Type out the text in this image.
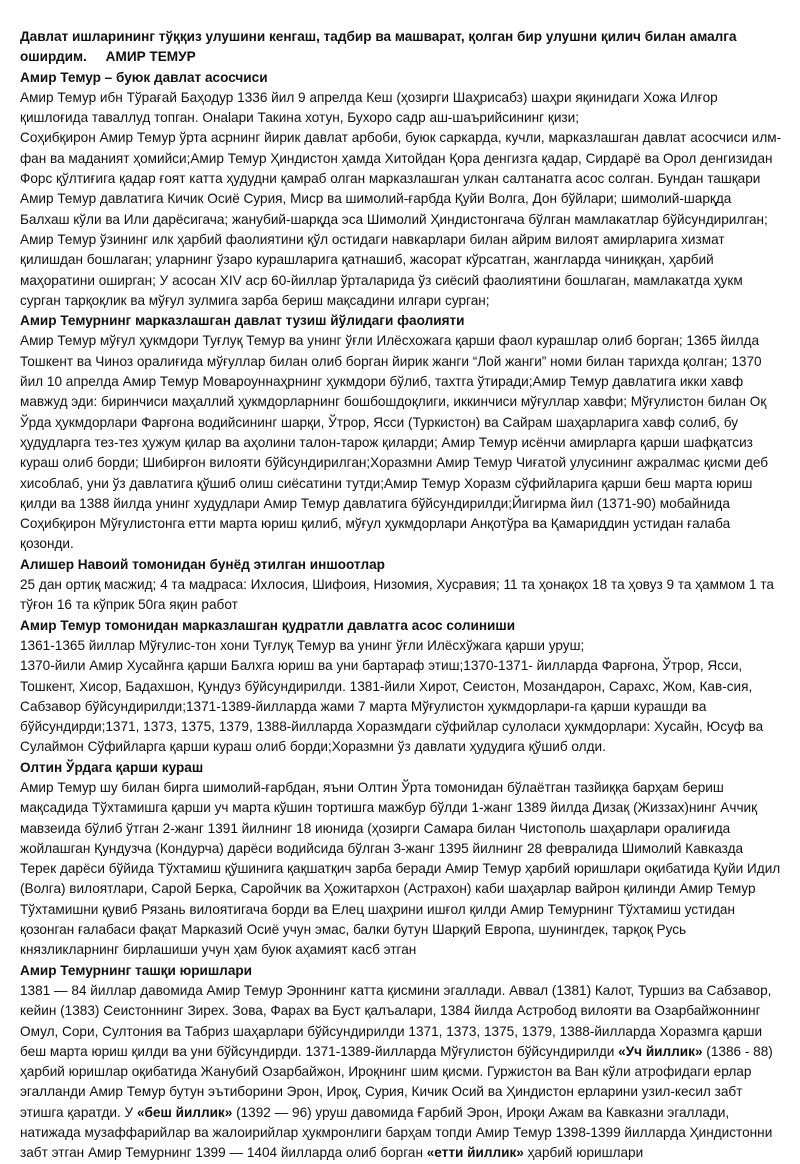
Давлат ишларининг тўққиз улушини кенгаш, тадбир ва машварат, қолган бир улушни қилич билан амалга оширдим. АМИР ТЕМУР

Амир Темур – буюк давлат асосчиси

Амир Темур ибн Тўрағай Баҳодур 1336 йил 9 апрелда Кеш (ҳозирги Шаҳрисабз) шаҳри яқинидаги Хожа Илғор қишлоғида таваллуд топган. Онаlари Такина хотун, Бухоро садр аш-шаърийсининг қизи;

Соҳибқирон Амир Темур ўрта асрнинг йирик давлат арбоби, буюк саркарда, кучли, марказлашган давлат асосчиси илм-фан ва маданият ҳомийси;Амир Темур Ҳиндистон ҳамда Хитойдан Қора денгизга қадар, Сирдарё ва Орол денгизидан Форс қўлтиғига қадар ғоят катта ҳудудни қамраб олган марказлашган улкан салтанатга асос солган. Бундан ташқари Амир Темур давлатига Кичик Осиё Сурия, Миср ва шимолий-ғарбда Қуйи Волга, Дон бўйлари; шимолий-шарқда Балхаш кўли ва Или дарёсигача; жанубий-шарқда эса Шимолий Ҳиндистонгача бўлган мамлакатлар бўйсундирилган; Амир Темур ўзининг илк ҳарбий фаолиятини қўл остидаги навкарлари билан айрим вилоят амирларига хизмат қилишдан бошлаган; уларнинг ўзаро курашларига қатнашиб, жасорат кўрсатган, жангларда чиниққан, ҳарбий маҳоратини оширган; У асосан XIV аср 60-йиллар ўрталарида ўз сиёсий фаолиятини бошлаган, мамлакатда ҳукм сурган тарқоқлик ва мўғул зулмига зарба бериш мақсадини илгари сурган;

Амир Темурнинг марказлашган давлат тузиш йўлидаги фаолияти

Амир Темур мўғул ҳукмдори Туғлуқ Темур ва унинг ўғли Илёсхожага қарши фаол курашлар олиб борган; 1365 йилда Тошкент ва Чиноз оралиғида мўғуллар билан олиб борган йирик жанги “Лой жанги” номи билан тарихда қолган; 1370 йил 10 апрелда Амир Темур Мовароуннаҳрнинг ҳукмдори бўлиб, тахтга ўтиради;Амир Темур давлатига икки хавф мавжуд эди: биринчиси маҳаллий ҳукмдорларнинг бошбошдоқлиги, иккинчиси мўғуллар хавфи; Мўғулистон билан Оқ Ўрда ҳукмдорлари Фарғона водийсининг шарқи, Ўтрор, Ясси (Туркистон) ва Сайрам шаҳарларига хавф солиб, бу ҳудудларга тез-тез ҳужум қилар ва аҳолини талон-тарож қиларди; Амир Темур исёнчи амирларга қарши шафқатсиз кураш олиб борди; Шибирғон вилояти бўйсундирилган;Хоразмни Амир Темур Чиғатой улусининг ажралмас қисми деб хисоблаб, уни ўз давлатига қўшиб олиш сиёсатини тутди;Амир Темур Хоразм сўфийларига қарши беш марта юриш қилди ва 1388 йилда унинг худудлари Амир Темур давлатига бўйсундирилди;Йигирма йил (1371-90) мобайнида Соҳибқирон Мўғулистонга етти марта юриш қилиб, мўғул ҳукмдорлари Анқотўра ва Қамариддин устидан ғалаба қозонди.

Алишер Навоий томонидан бунёд этилган иншоотлар

25 дан ортиқ масжид; 4 та мадраса: Ихлосия, Шифоия, Низомия, Хусравия; 11 та ҳонақох 18 та ҳовуз 9 та ҳаммом 1 та тўғон 16 та кўприк 50га яқин работ

Амир Темур томонидан марказлашган қудратли давлатга асос солиниши

1361-1365 йиллар Мўғулис-тон хони Туғлуқ Темур ва унинг ўғли Илёсхўжага қарши уруш;

1370-йили Амир Хусайнга қарши Балхга юриш ва уни бартараф этиш;1370-1371- йилларда Фарғона, Ўтрор, Ясси, Тошкент, Хисор, Бадахшон, Қундуз бўйсундирилди. 1381-йили Хирот, Сеистон, Мозандарон, Сарахс, Жом, Кав-сия, Сабзавор бўйсундирилди;1371-1389-йилларда жами 7 марта Мўғулистон ҳукмдорлари-га қарши курашди ва бўйсундирди;1371, 1373, 1375, 1379, 1388-йилларда Хоразмдаги сўфийлар сулоласи ҳукмдорлари: Хусайн, Юсуф ва Сулаймон Сўфийларга қарши кураш олиб борди;Хоразмни ўз давлати ҳудудига қўшиб олди.

Олтин Ўрдага қарши кураш

Амир Темур шу билан бирга шимолий-ғарбдан, яъни Олтин Ўрта томонидан бўлаётган тазйиққа барҳам бериш мақсадида Тўхтамишга қарши уч марта кўшин тортишга мажбур бўлди 1-жанг 1389 йилда Дизақ (Жиззах)нинг Аччиқ мавзеида бўлиб ўтган 2-жанг 1391 йилнинг 18 июнида (ҳозирги Самара билан Чистополь шаҳарлари оралиғида жойлашган Қундузча (Кондурча) дарёси водийсида бўлган 3-жанг 1395 йилнинг 28 февралида Шимолий Кавказда Терек дарёси бўйида Тўхтамиш қўшинига қақшатқич зарба беради Амир Темур ҳарбий юришлари оқибатида Қуйи Идил (Волга) вилоятлари, Сарой Берка, Саройчик ва Ҳожитархон (Астрахон) каби шаҳарлар вайрон қилинди Амир Темур Тўхтамишни қувиб Рязань вилоятигача борди ва Елец шаҳрини ишғол қилди Амир Темурнинг Тўхтамиш устидан қозонган ғалабаси фақат Марказий Осиё учун эмас, балки бутун Шарқий Европа, шунингдек, тарқоқ Русь князликларнинг бирлашиши учун ҳам буюк аҳамият касб этган

Амир Темурнинг ташқи юришлари

1381 — 84 йиллар давомида Амир Темур Эроннинг катта қисмини эгаллади. Аввал (1381) Калот, Туршиз ва Сабзавор, кейин (1383) Сеистоннинг Зирех. Зова, Фарах ва Буст қалъалари, 1384 йилда Астробод вилояти ва Озарбайжоннинг Омул, Сори, Султония ва Табриз шаҳарлари бўйсундирилди 1371, 1373, 1375, 1379, 1388-йилларда Хоразмга қарши беш марта юриш қилди ва уни бўйсундирди. 1371-1389-йилларда Мўғулистон бўйсундирилди «Уч йиллик» (1386 - 88) ҳарбий юришлар оқибатида Жанубий Озарбайжон, Ироқнинг шим қисми. Гуржистон ва Ван кўли атрофидаги ерлар эгалланди Амир Темур бутун эътиборини Эрон, Ироқ, Сурия, Кичик Осий ва Ҳиндистон ерларини узил-кесил забт этишга қаратди. У «беш йиллик» (1392 — 96) уруш давомида Ғарбий Эрон, Ироқи Ажам ва Кавказни эгаллади, натижада музаффарийлар ва жалоирийлар ҳукмронлиги барҳам топди Амир Темур 1398-1399 йилларда Ҳиндистонни забт этган Амир Темурнинг 1399 — 1404 йилларда олиб борган «етти йиллик» ҳарбий юришлари
